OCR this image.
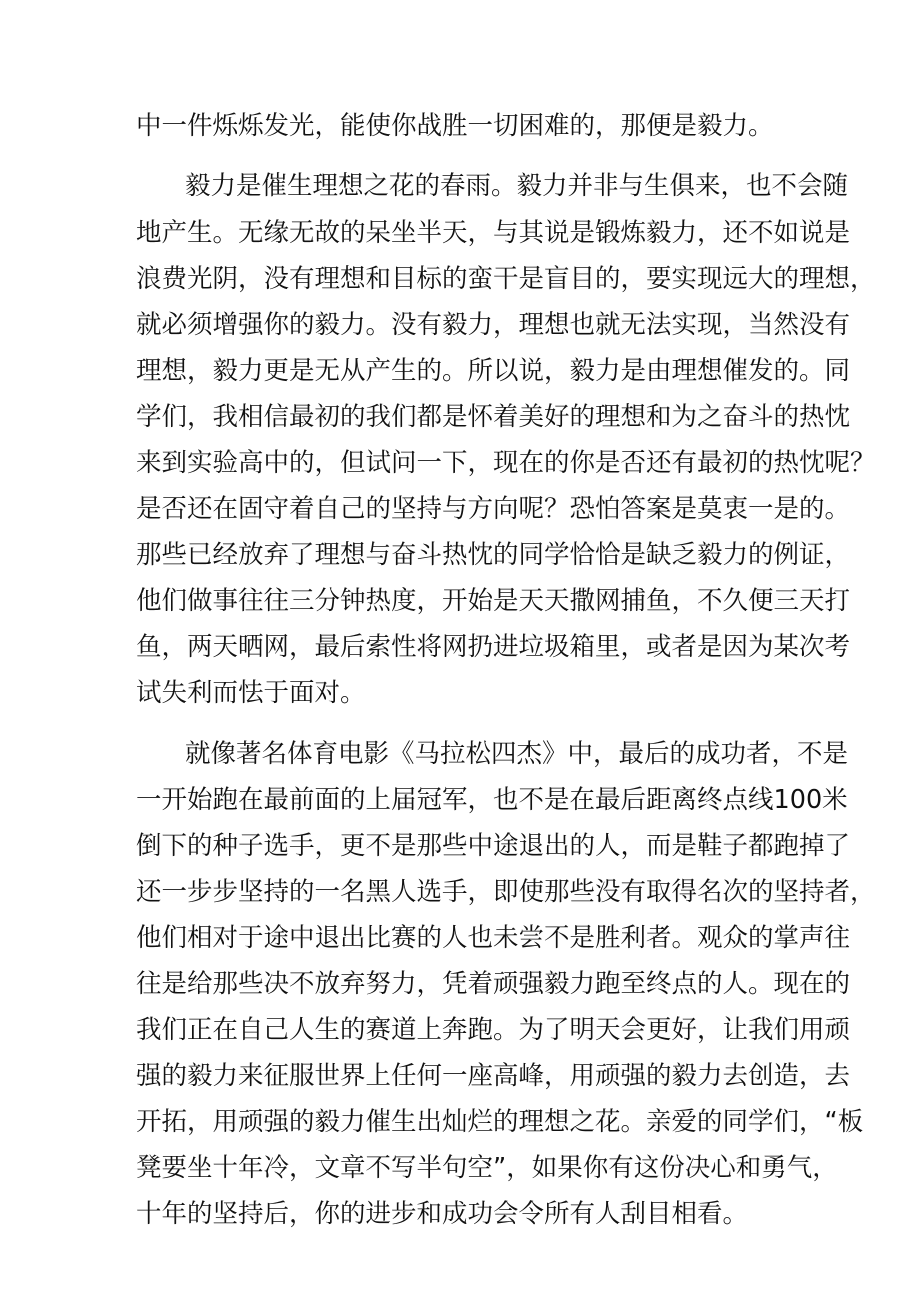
中一件烁烁发光，能使你战胜一切困难的，那便是毅力。

毅力是催生理想之花的春雨。毅力并非与生俱来，也不会随

地产生。无缘无故的呆坐半天，与其说是锻炼毅力，还不如说是

浪费光阴，没有理想和目标的蛮干是盲目的，要实现远大的理想，

就必须增强你的毅力。没有毅力，理想也就无法实现，当然没有

理想，毅力更是无从产生的。所以说，毅力是由理想催发的。同

学们，我相信最初的我们都是怀着美好的理想和为之奋斗的热忱

来到实验高中的，但试问一下，现在的你是否还有最初的热忱呢？

是否还在固守着自己的坚持与方向呢？恐怕答案是莫衷一是的。

那些已经放弃了理想与奋斗热忱的同学恰恰是缺乏毅力的例证，

他们做事往往三分钟热度，开始是天天撒网捕鱼，不久便三天打

鱼，两天晒网，最后索性将网扔进垃圾箱里，或者是因为某次考

试失利而怯于面对。

就像著名体育电影《马拉松四杰》中，最后的成功者，不是

一开始跑在最前面的上届冠军，也不是在最后距离终点线100米

倒下的种子选手，更不是那些中途退出的人，而是鞋子都跑掉了

还一步步坚持的一名黑人选手，即使那些没有取得名次的坚持者，

他们相对于途中退出比赛的人也未尝不是胜利者。观众的掌声往

往是给那些决不放弃努力，凭着顽强毅力跑至终点的人。现在的

我们正在自己人生的赛道上奔跑。为了明天会更好，让我们用顽

强的毅力来征服世界上任何一座高峰，用顽强的毅力去创造，去

开拓，用顽强的毅力催生出灿烂的理想之花。亲爱的同学们，“板

凳要坐十年冷，文章不写半句空”，如果你有这份决心和勇气，

十年的坚持后，你的进步和成功会令所有人刮目相看。
